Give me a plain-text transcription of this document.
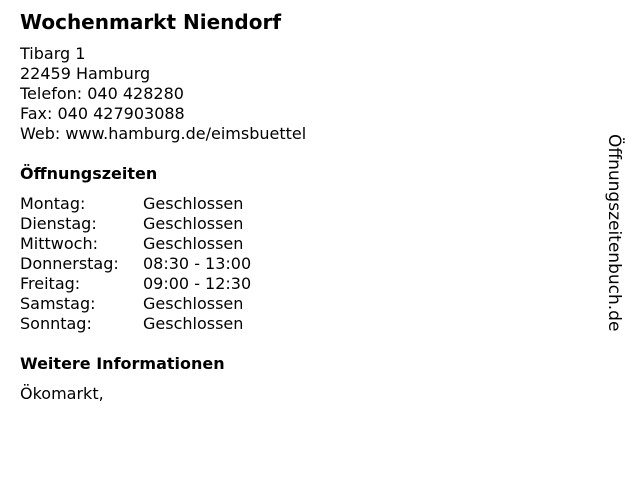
Wochenmarkt Niendorf
Tibarg 1
22459 Hamburg
Telefon: 040 428280
Fax: 040 427903088
Web: www.hamburg.de/eimsbuettel
Öffnungszeiten
Montag:	Geschlossen
Dienstag:	Geschlossen
Mittwoch:	Geschlossen
Donnerstag: 08:30 - 13:00
Freitag:	09:00 - 12:30
Samstag:	Geschlossen
Sonntag:	Geschlossen
Weitere Informationen
Ökomarkt,
Öffnungszeitenbuch.de
